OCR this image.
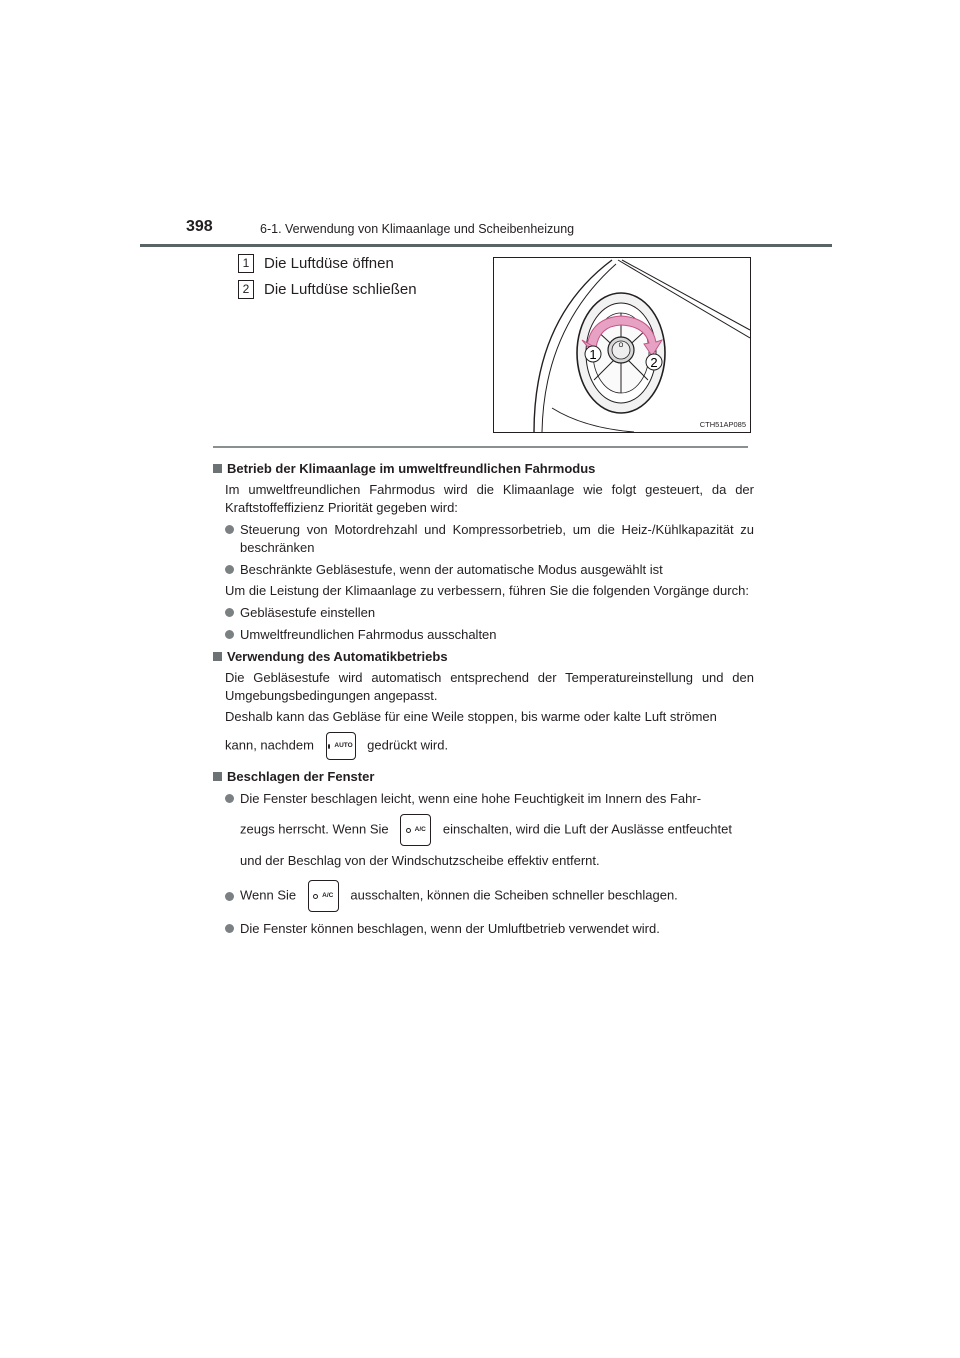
398	6-1. Verwendung von Klimaanlage und Scheibenheizung
1 Die Luftdüse öffnen
2 Die Luftdüse schließen
O
1
2
CTH51AP085
Betrieb der Klimaanlage im umweltfreundlichen Fahrmodus
Im umweltfreundlichen Fahrmodus wird die Klimaanlage wie folgt gesteuert, da der Kraftstoffeffizienz Priorität gegeben wird:
Steuerung von Motordrehzahl und Kompressorbetrieb, um die Heiz-/Kühlkapazität zu beschränken
Beschränkte Gebläsestufe, wenn der automatische Modus ausgewählt ist
Um die Leistung der Klimaanlage zu verbessern, führen Sie die folgenden Vorgänge durch:
Gebläsestufe einstellen
Umweltfreundlichen Fahrmodus ausschalten
Verwendung des Automatikbetriebs
Die Gebläsestufe wird automatisch entsprechend der Temperatureinstellung und den Umgebungsbedingungen angepasst.
Deshalb kann das Gebläse für eine Weile stoppen, bis warme oder kalte Luft strömen
kann, nachdem	AUTO gedrückt wird.
Beschlagen der Fenster
Die Fenster beschlagen leicht, wenn eine hohe Feuchtigkeit im Innern des Fahr-
zeugs herrscht. Wenn Sie	A/C einschalten, wird die Luft der Auslässe entfeuchtet
und der Beschlag von der Windschutzscheibe effektiv entfernt.
Wenn Sie	A/C ausschalten, können die Scheiben schneller beschlagen.
Die Fenster können beschlagen, wenn der Umluftbetrieb verwendet wird.
